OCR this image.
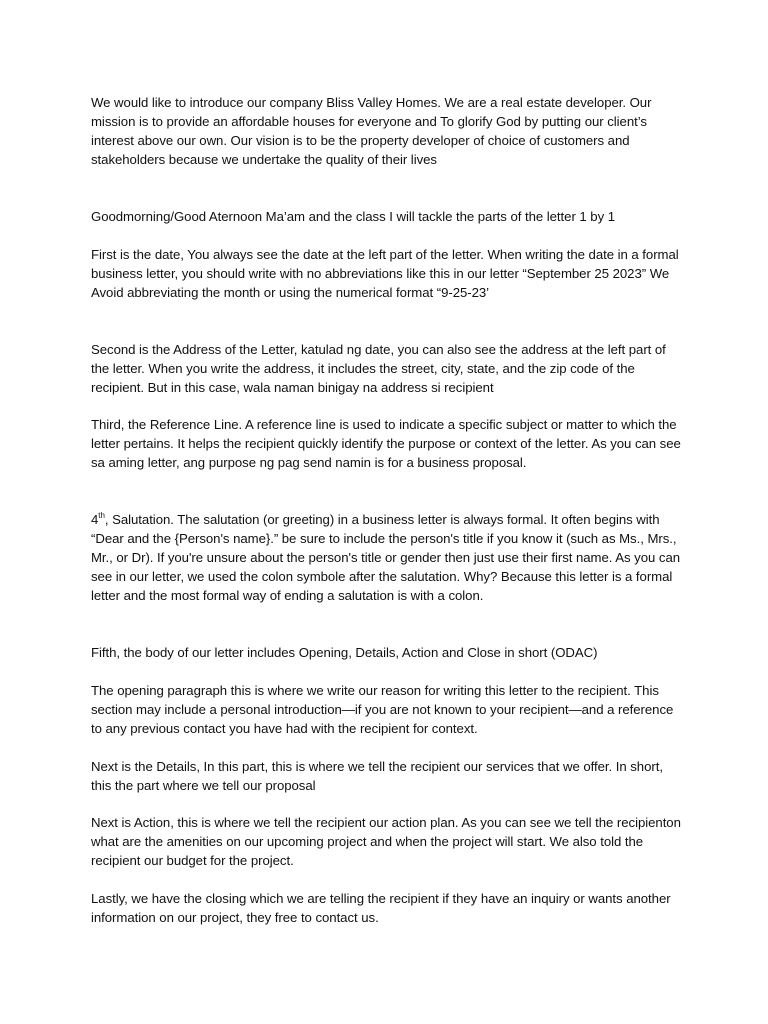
We would like to introduce our company Bliss Valley Homes. We are a real estate developer. Our mission is to provide an affordable houses for everyone and To glorify God by putting our client’s interest above our own. Our vision is to be the property developer of choice of customers and stakeholders because we undertake the quality of their lives

Goodmorning/Good Aternoon Ma’am and the class I will tackle the parts of the letter 1 by 1

First is the date, You always see the date at the left part of the letter. When writing the date in a formal business letter, you should write with no abbreviations like this in our letter “September 25 2023” We Avoid abbreviating the month or using the numerical format “9-25-23’

Second is the Address of the Letter, katulad ng date, you can also see the address at the left part of the letter. When you write the address, it includes the street, city, state, and the zip code of the recipient. But in this case, wala naman binigay na address si recipient

Third, the Reference Line. A reference line is used to indicate a specific subject or matter to which the letter pertains. It helps the recipient quickly identify the purpose or context of the letter. As you can see sa aming letter, ang purpose ng pag send namin is for a business proposal.

4th, Salutation. The salutation (or greeting) in a business letter is always formal. It often begins with “Dear and the {Person's name}.” be sure to include the person's title if you know it (such as Ms., Mrs., Mr., or Dr). If you're unsure about the person's title or gender then just use their first name. As you can see in our letter, we used the colon symbole after the salutation. Why? Because this letter is a formal letter and the most formal way of ending a salutation is with a colon.

Fifth, the body of our letter includes Opening, Details, Action and Close in short (ODAC)

The opening paragraph this is where we write our reason for writing this letter to the recipient. This section may include a personal introduction—if you are not known to your recipient—and a reference to any previous contact you have had with the recipient for context.

Next is the Details, In this part, this is where we tell the recipient our services that we offer. In short, this the part where we tell our proposal

Next is Action, this is where we tell the recipient our action plan. As you can see we tell the recipienton what are the amenities on our upcoming project and when the project will start. We also told the recipient our budget for the project.

Lastly, we have the closing which we are telling the recipient if they have an inquiry or wants another information on our project, they free to contact us.
